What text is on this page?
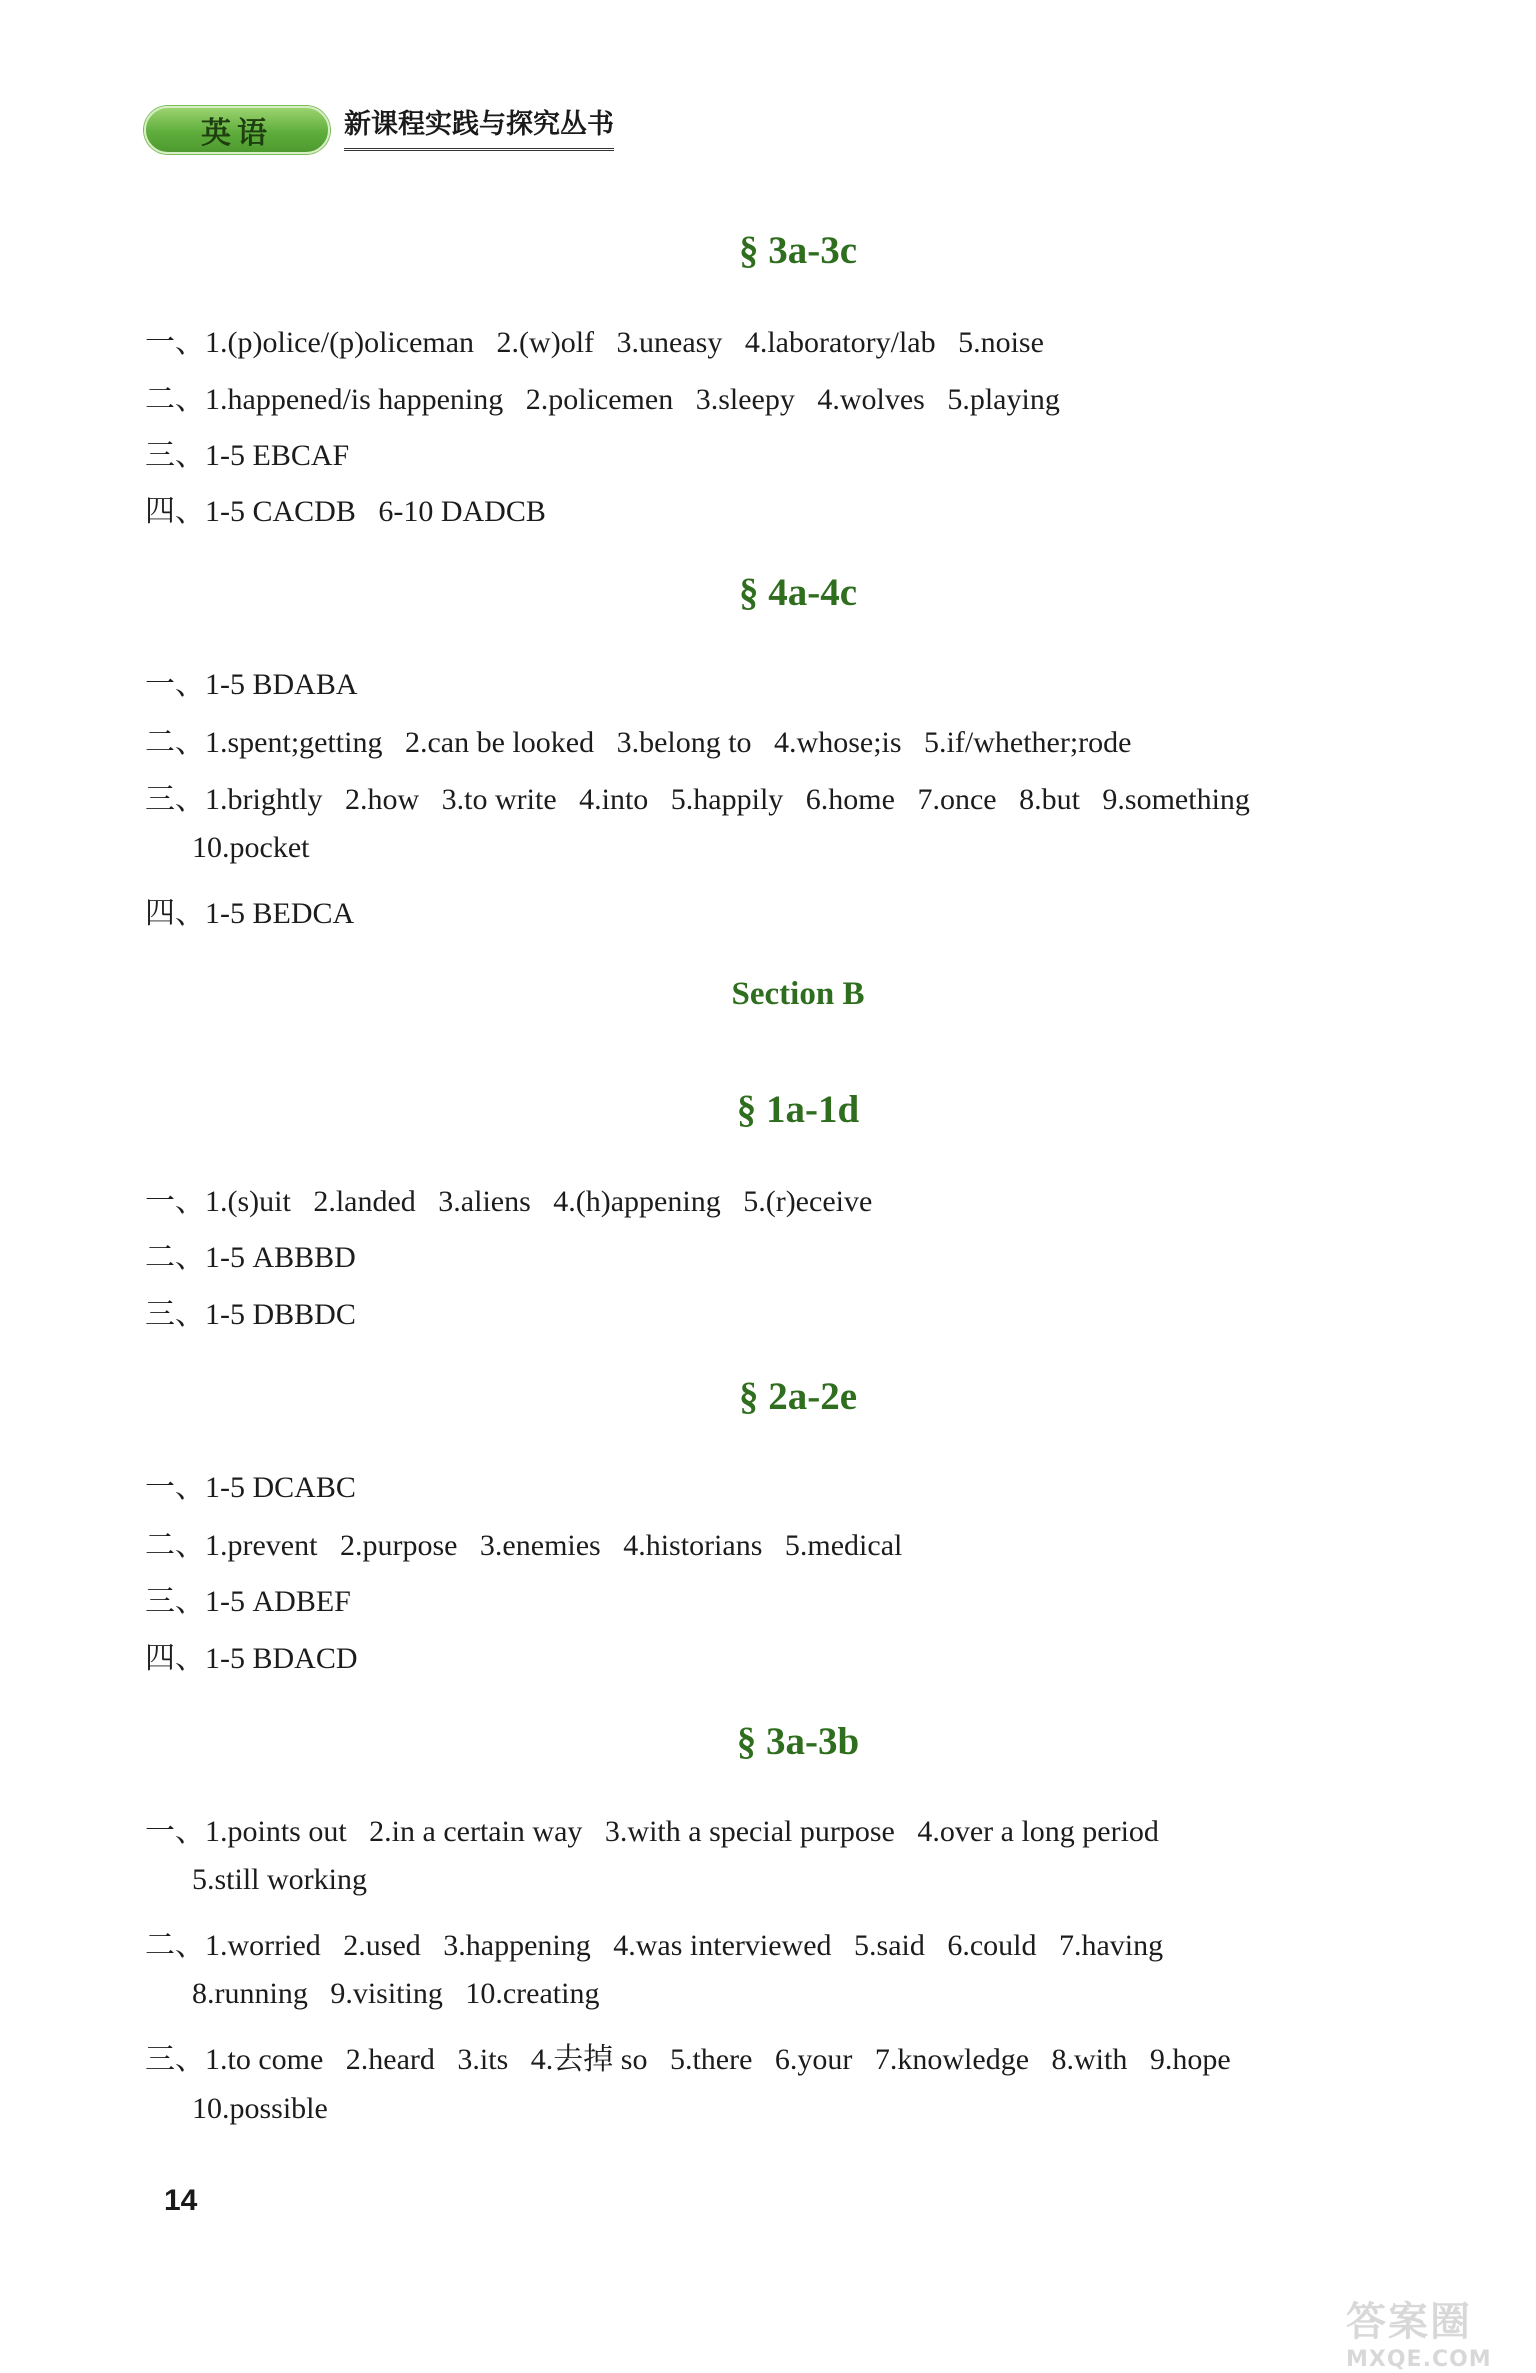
英语	新课程实践与探究丛书
§ 3a-3c
一、1.(p)olice/(p)oliceman   2.(w)olf   3.uneasy   4.laboratory/lab   5.noise
二、1.happened/is happening   2.policemen   3.sleepy   4.wolves   5.playing
三、1-5 EBCAF
四、1-5 CACDB   6-10 DADCB
§ 4a-4c
一、1-5 BDABA
二、1.spent;getting   2.can be looked   3.belong to   4.whose;is   5.if/whether;rode
三、1.brightly   2.how   3.to write   4.into   5.happily   6.home   7.once   8.but   9.something
10.pocket
四、1-5 BEDCA
Section B
§ 1a-1d
一、1.(s)uit   2.landed   3.aliens   4.(h)appening   5.(r)eceive
二、1-5 ABBBD
三、1-5 DBBDC
§ 2a-2e
一、1-5 DCABC
二、1.prevent   2.purpose   3.enemies   4.historians   5.medical
三、1-5 ADBEF
四、1-5 BDACD
§ 3a-3b
一、1.points out   2.in a certain way   3.with a special purpose   4.over a long period
5.still working
二、1.worried   2.used   3.happening   4.was interviewed   5.said   6.could   7.having
8.running   9.visiting   10.creating
三、1.to come   2.heard   3.its   4.去掉 so   5.there   6.your   7.knowledge   8.with   9.hope
10.possible
14
答案圈
MXQE.COM
